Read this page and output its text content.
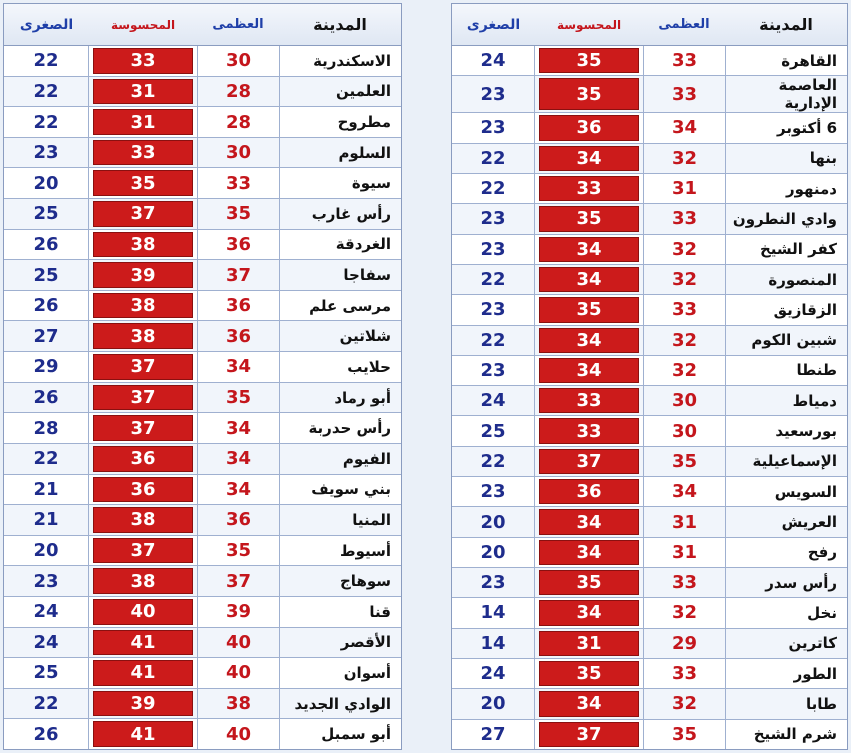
المدينة
العظمى
المحسوسة
الصغرى
القاهرة
33
35
24
العاصمة الإدارية
33
35
23
6 أكتوبر
34
36
23
بنها
32
34
22
دمنهور
31
33
22
وادي النطرون
33
35
23
كفر الشيخ
32
34
23
المنصورة
32
34
22
الزقازيق
33
35
23
شبين الكوم
32
34
22
طنطا
32
34
23
دمياط
30
33
24
بورسعيد
30
33
25
الإسماعيلية
35
37
22
السويس
34
36
23
العريش
31
34
20
رفح
31
34
20
رأس سدر
33
35
23
نخل
32
34
14
كاترين
29
31
14
الطور
33
35
24
طابا
32
34
20
شرم الشيخ
35
37
27
المدينة
العظمى
المحسوسة
الصغرى
الاسكندرية
30
33
22
العلمين
28
31
22
مطروح
28
31
22
السلوم
30
33
23
سيوة
33
35
20
رأس غارب
35
37
25
الغردقة
36
38
26
سفاجا
37
39
25
مرسى علم
36
38
26
شلاتين
36
38
27
حلايب
34
37
29
أبو رماد
35
37
26
رأس حدربة
34
37
28
الفيوم
34
36
22
بني سويف
34
36
21
المنيا
36
38
21
أسيوط
35
37
20
سوهاج
37
38
23
قنا
39
40
24
الأقصر
40
41
24
أسوان
40
41
25
الوادي الجديد
38
39
22
أبو سمبل
40
41
26
